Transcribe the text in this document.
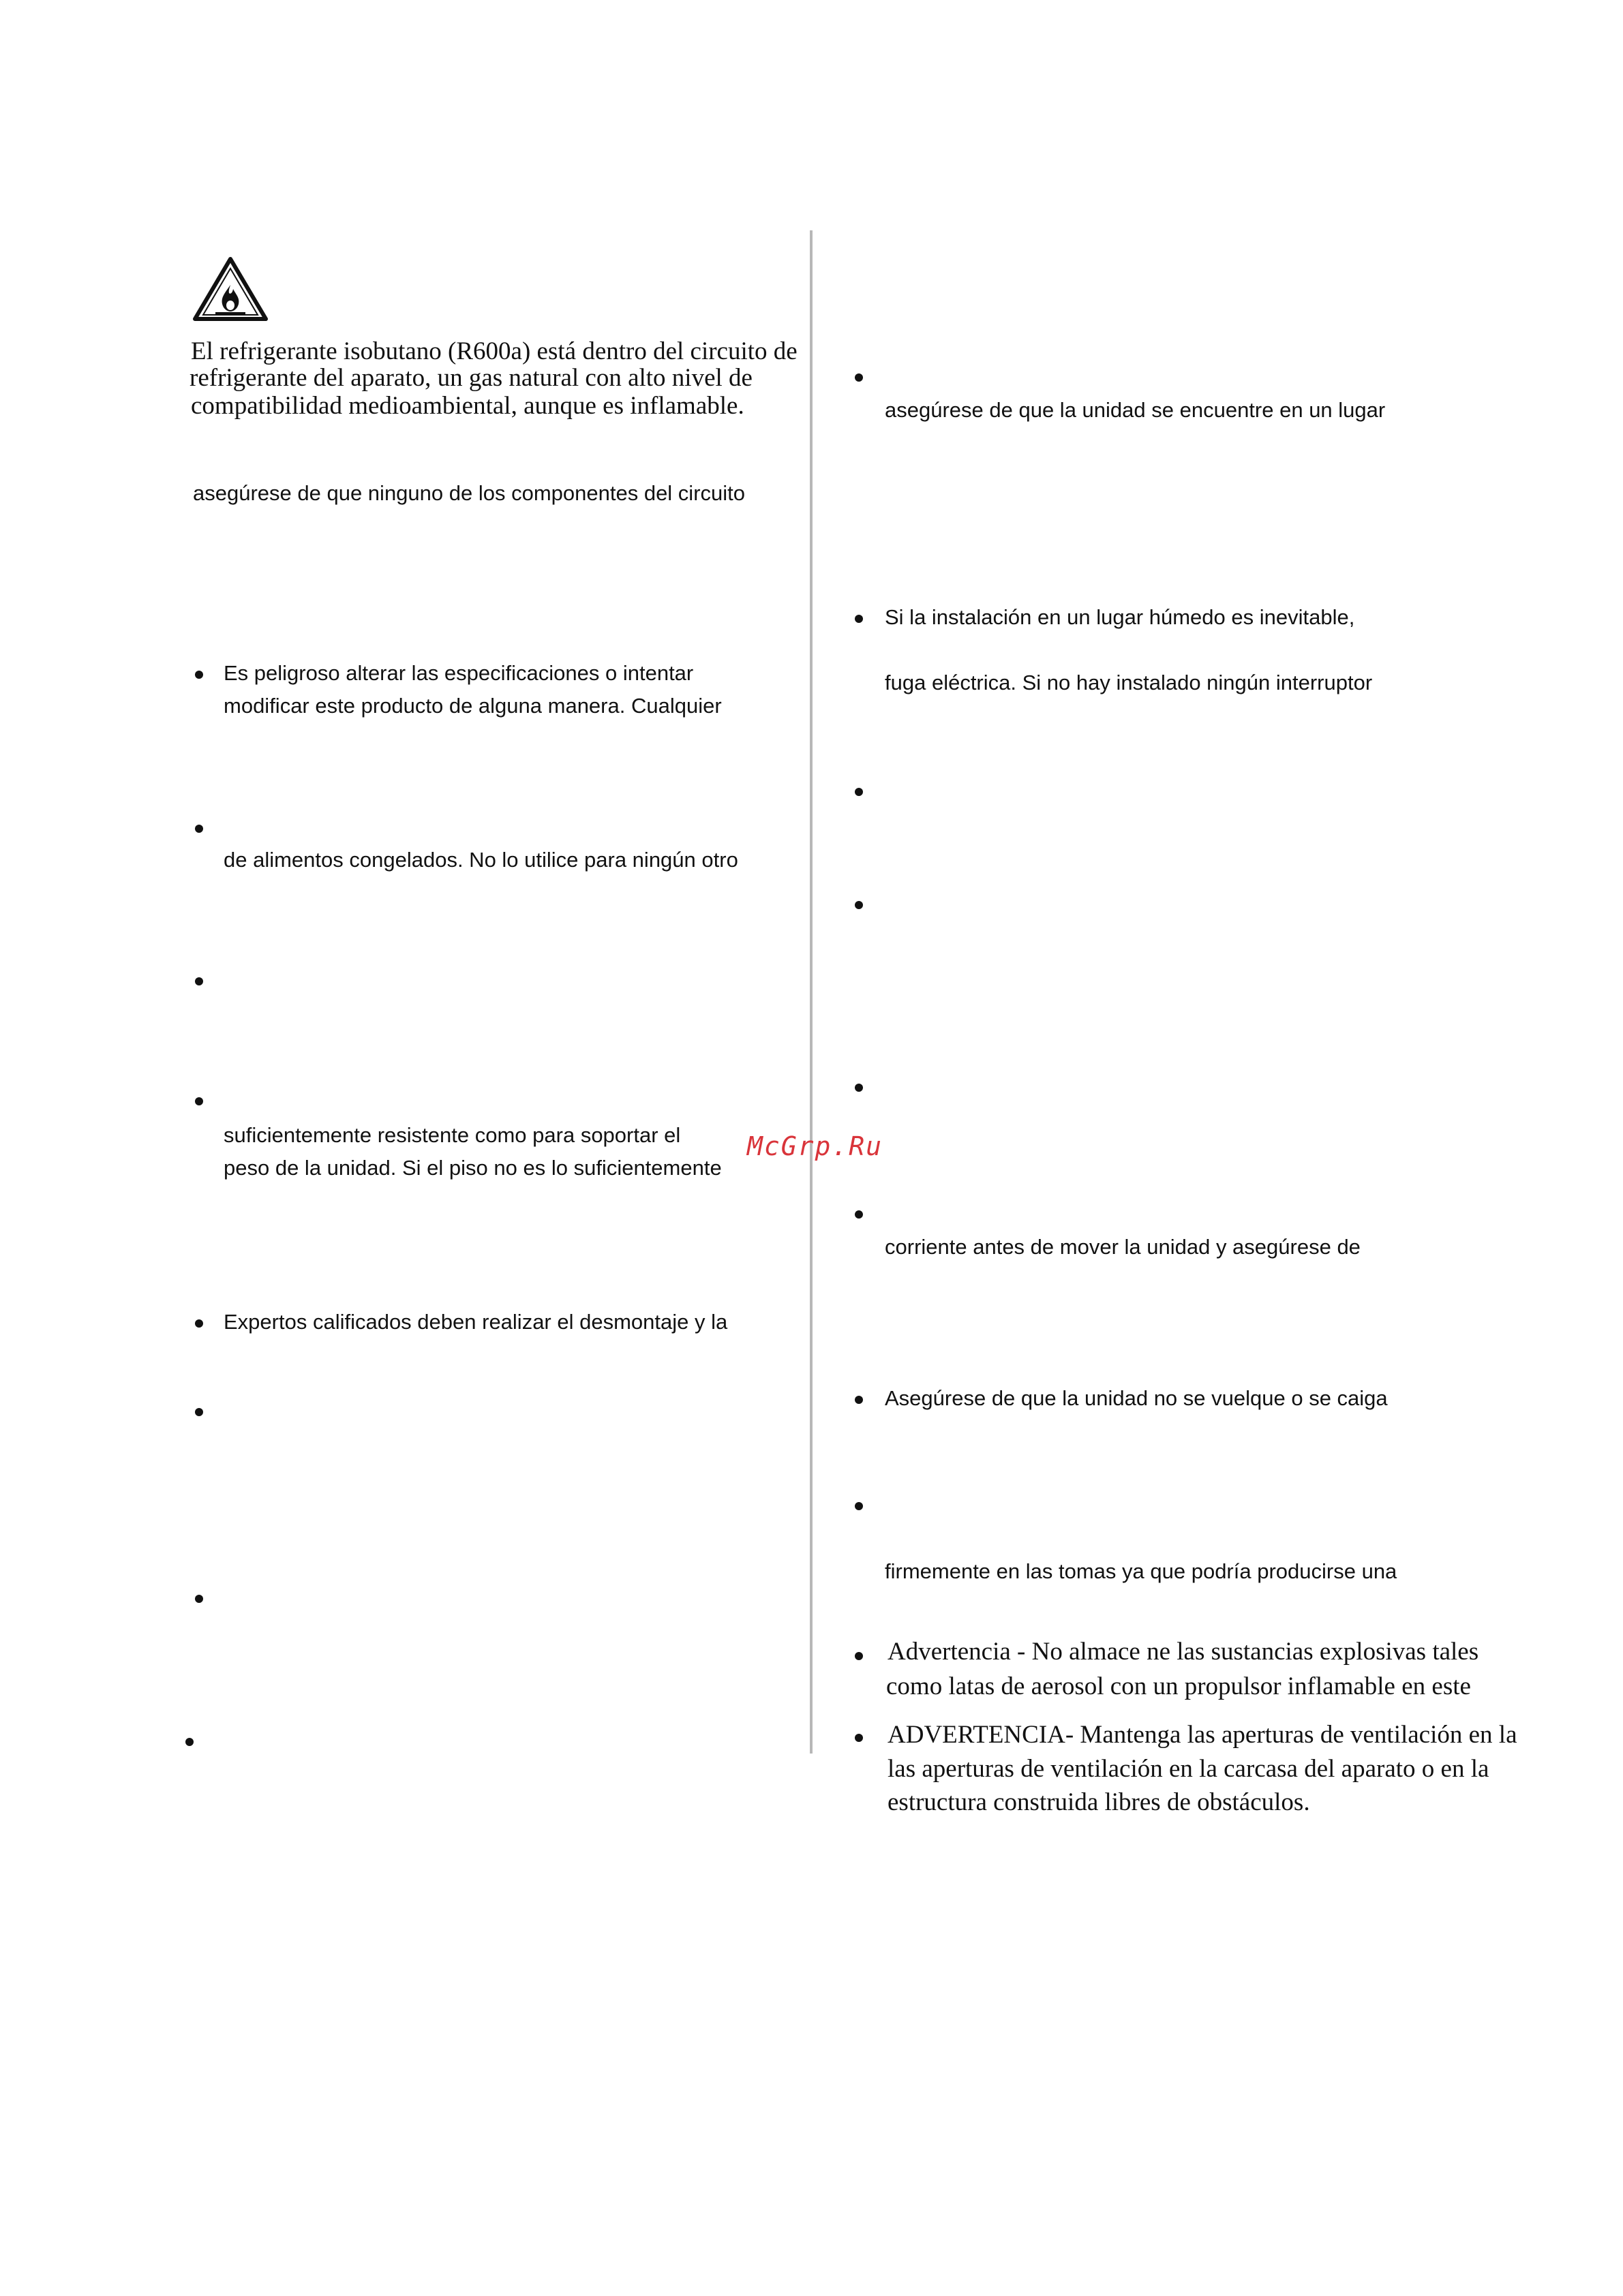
El refrigerante isobutano (R600a) está dentro del circuito de
refrigerante del aparato, un gas natural con alto nivel de
compatibilidad medioambiental, aunque es inflamable.
asegúrese de que ninguno de los componentes del circuito
Es peligroso alterar las especificaciones o intentar
modificar este producto de alguna manera. Cualquier
de alimentos congelados. No lo utilice para ningún otro
suficientemente resistente como para soportar el
peso de la unidad. Si el piso no es lo suficientemente
Expertos calificados deben realizar el desmontaje y la
McGrp.Ru
asegúrese de que la unidad se encuentre en un lugar
Si la instalación en un lugar húmedo es inevitable,
fuga eléctrica. Si no hay instalado ningún interruptor
corriente antes de mover la unidad y asegúrese de
Asegúrese de que la unidad no se vuelque o se caiga
firmemente en las tomas ya que podría producirse una
Advertencia - No almace ne las sustancias explosivas tales
como latas de aerosol con un propulsor inflamable en este
ADVERTENCIA- Mantenga las aperturas de ventilación en la
las aperturas de ventilación en la carcasa del aparato o en la
estructura construida libres de obstáculos.
